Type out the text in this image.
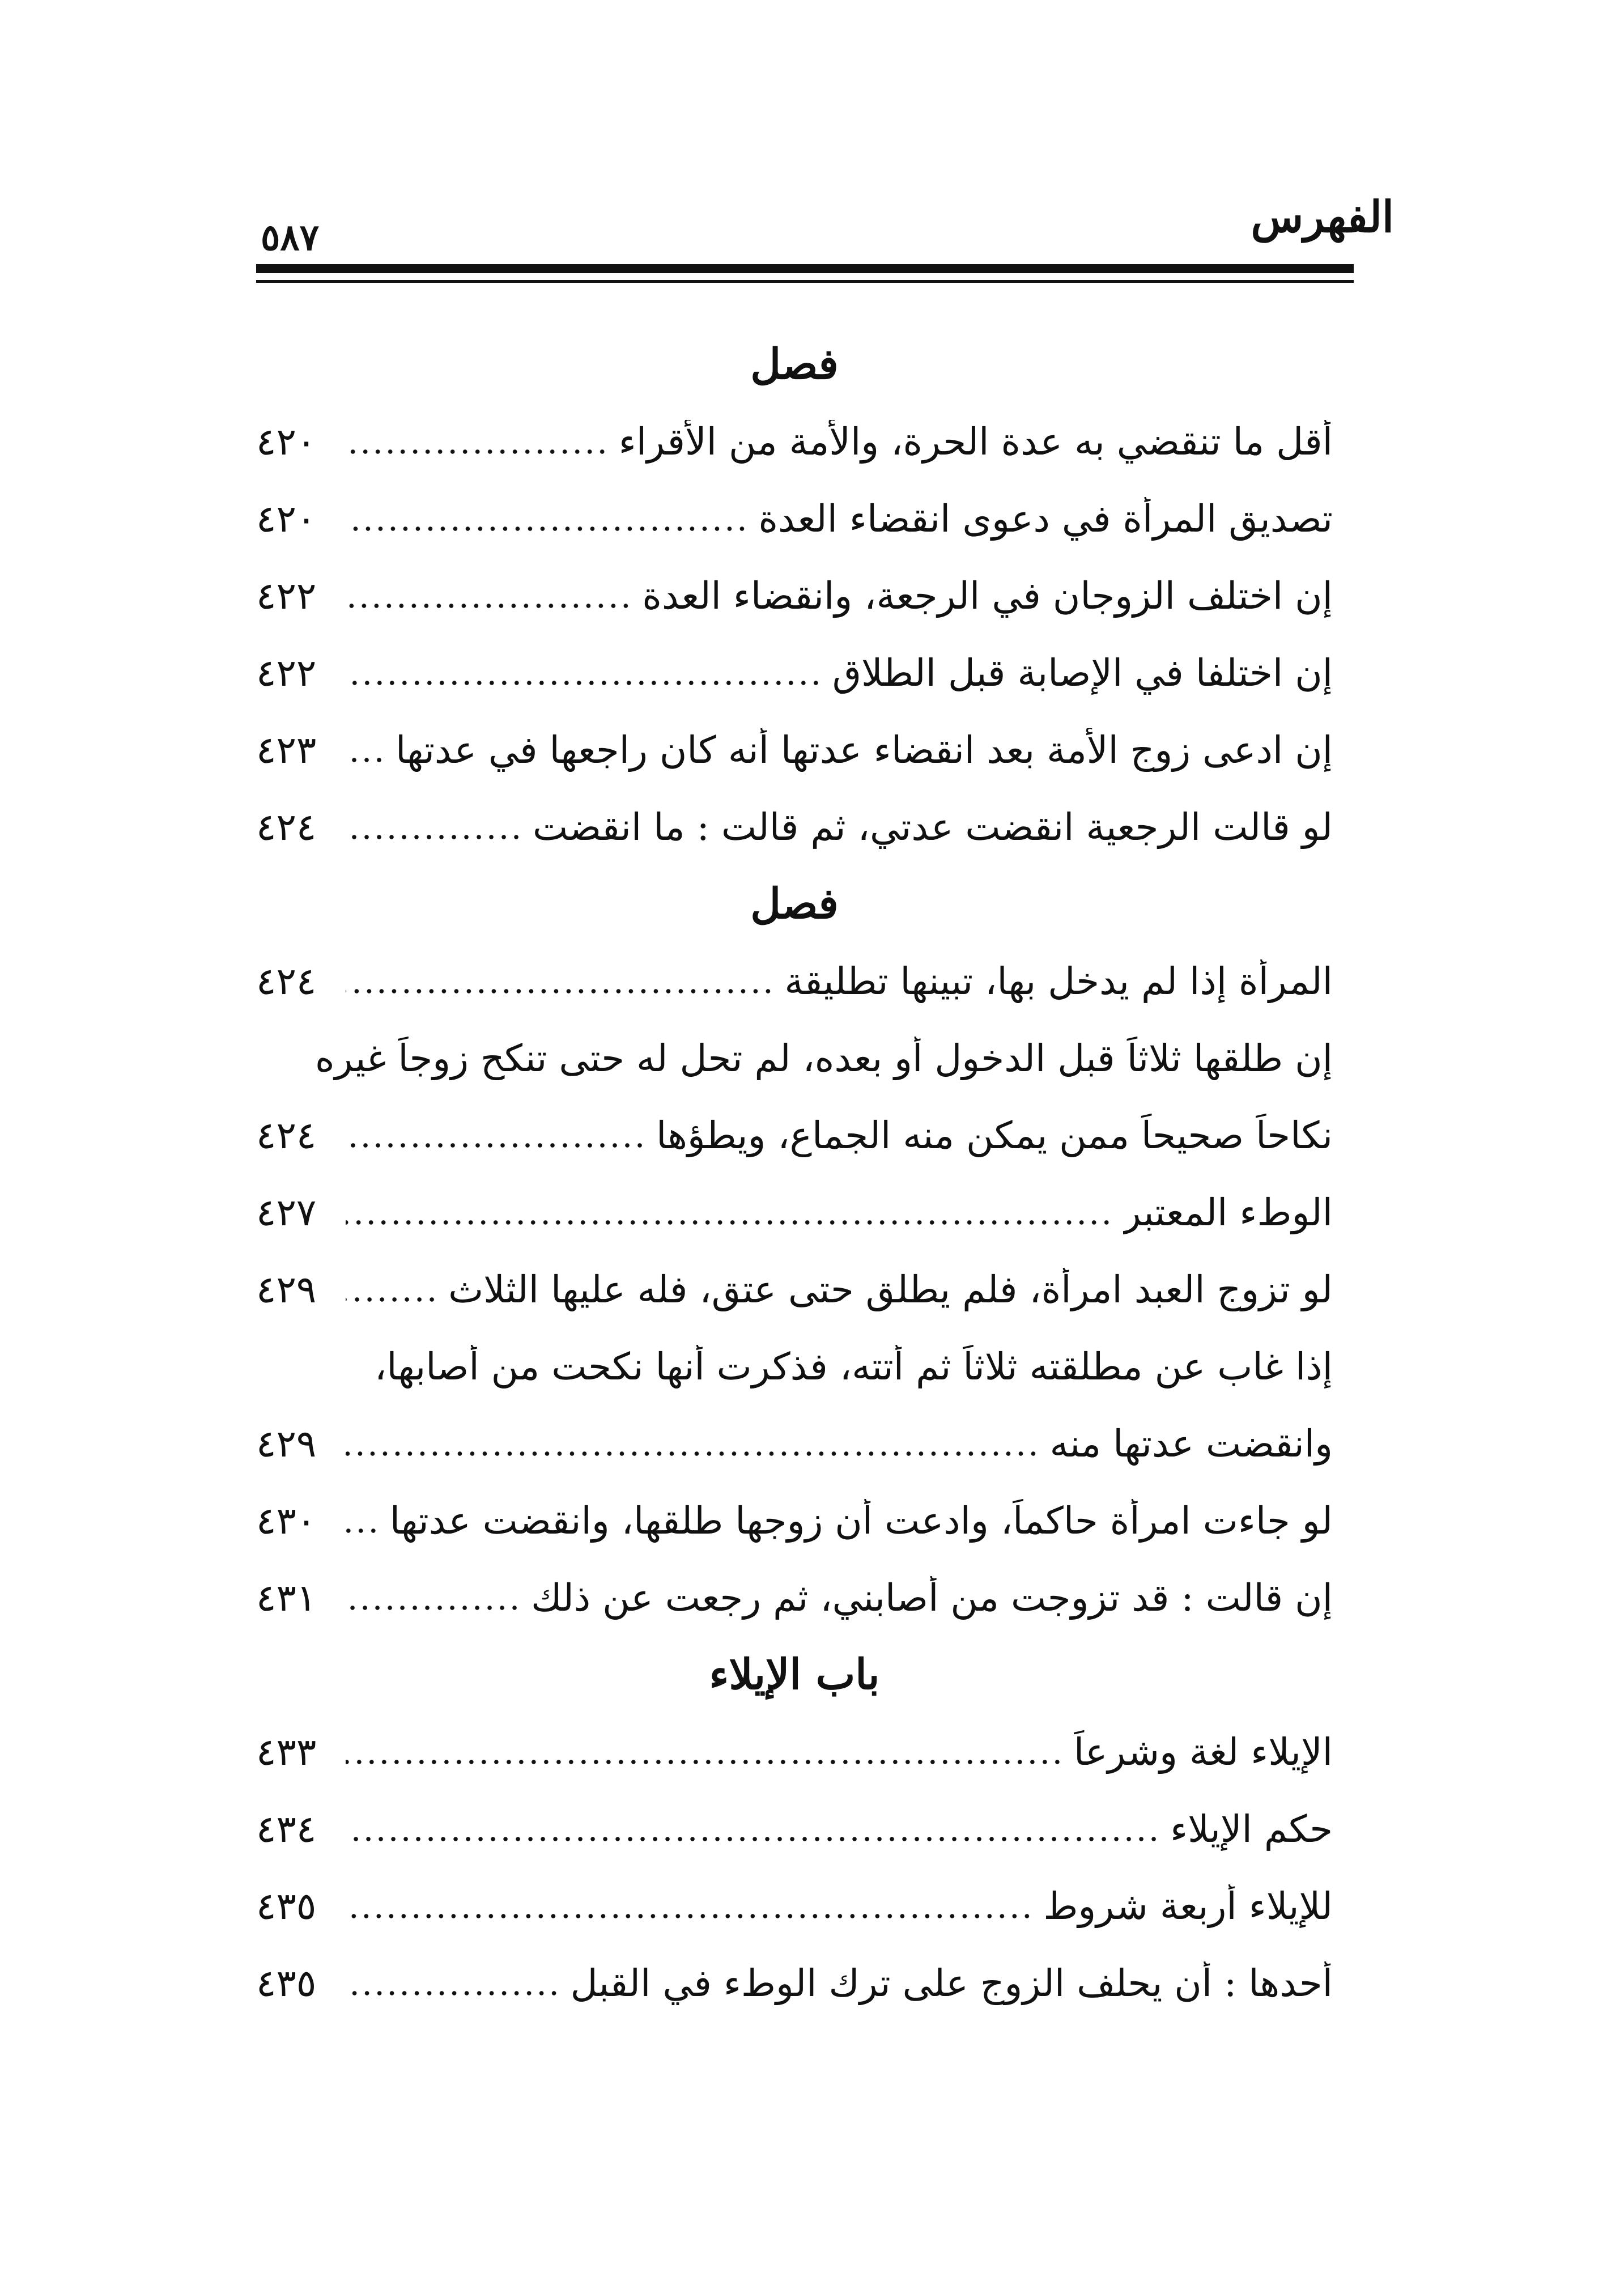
الفهرس
٥٨٧
فصل
أقل ما تنقضي به عدة الحرة، والأمة من الأقراء
٤٢٠
تصديق المرأة في دعوى انقضاء العدة
٤٢٠
إن اختلف الزوجان في الرجعة، وانقضاء العدة
٤٢٢
إن اختلفا في الإصابة قبل الطلاق
٤٢٢
إن ادعى زوج الأمة بعد انقضاء عدتها أنه كان راجعها في عدتها
٤٢٣
لو قالت الرجعية انقضت عدتي، ثم قالت : ما انقضت
٤٢٤
فصل
المرأة إذا لم يدخل بها، تبينها تطليقة
٤٢٤
إن طلقها ثلاثاً قبل الدخول أو بعده، لم تحل له حتى تنكح زوجاً غيره
نكاحاً صحيحاً ممن يمكن منه الجماع، ويطؤها
٤٢٤
الوطء المعتبر
٤٢٧
لو تزوج العبد امرأة، فلم يطلق حتى عتق، فله عليها الثلاث
٤٢٩
إذا غاب عن مطلقته ثلاثاً ثم أتته، فذكرت أنها نكحت من أصابها،
وانقضت عدتها منه
٤٢٩
لو جاءت امرأة حاكماً، وادعت أن زوجها طلقها، وانقضت عدتها
٤٣٠
إن قالت : قد تزوجت من أصابني، ثم رجعت عن ذلك
٤٣١
باب الإيلاء
الإيلاء لغة وشرعاً
٤٣٣
حكم الإيلاء
٤٣٤
للإيلاء أربعة شروط
٤٣٥
أحدها : أن يحلف الزوج على ترك الوطء في القبل
٤٣٥
